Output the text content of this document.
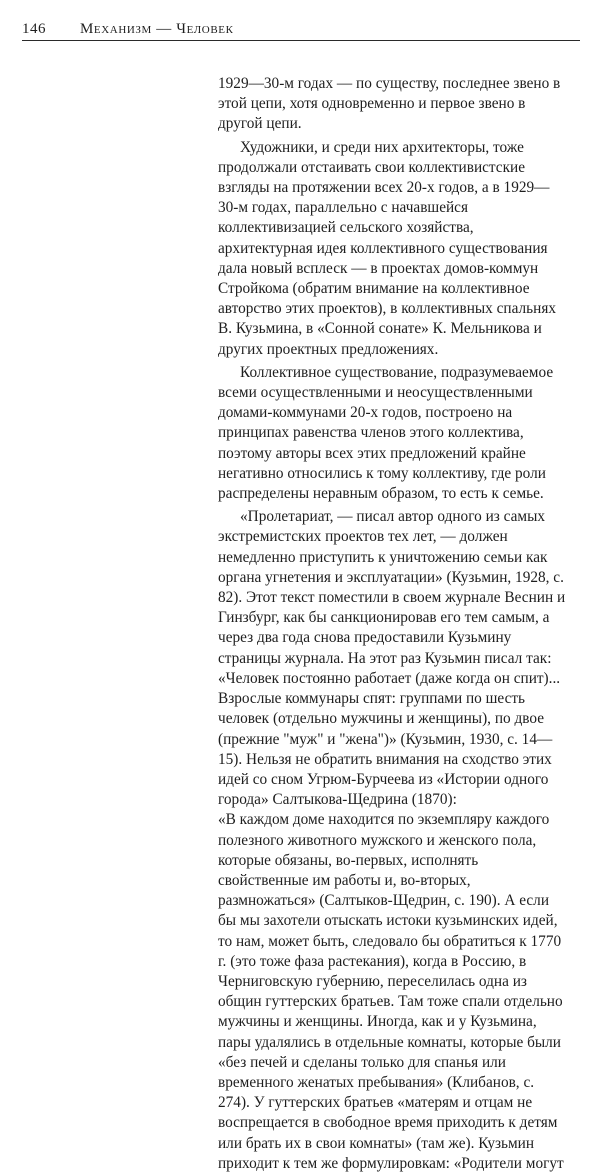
146 Механизм — Человек

1929—30-м годах — по существу, последнее звено в этой цепи, хотя одновременно и первое звено в другой цепи.

Художники, и среди них архитекторы, тоже продолжали отстаивать свои коллективистские взгляды на протяжении всех 20-х годов, а в 1929—30-м годах, параллельно с начавшейся коллективизацией сельского хозяйства, архитектурная идея коллективного существования дала новый всплеск — в проектах домов-коммун Стройкома (обратим внимание на коллективное авторство этих проектов), в коллективных спальнях В. Кузьмина, в «Сонной сонате» К. Мельникова и других проектных предложениях.

Коллективное существование, подразумеваемое всеми осуществленными и неосуществленными домами-коммунами 20-х годов, построено на принципах равенства членов этого коллектива, поэтому авторы всех этих предложений крайне негативно относились к тому коллективу, где роли распределены неравным образом, то есть к семье.

«Пролетариат, — писал автор одного из самых экстремистских проектов тех лет, — должен немедленно приступить к уничтожению семьи как органа угнетения и эксплуатации» (Кузьмин, 1928, с. 82). Этот текст поместили в своем журнале Веснин и Гинзбург, как бы санкционировав его тем самым, а через два года снова предоставили Кузьмину страницы журнала. На этот раз Кузьмин писал так: «Человек постоянно работает (даже когда он спит)... Взрослые коммунары спят: группами по шесть человек (отдельно мужчины и женщины), по двое (прежние "муж" и "жена")» (Кузьмин, 1930, с. 14—15). Нельзя не обратить внимания на сходство этих идей со сном Угрюм-Бурчеева из «Истории одного города» Салтыкова-Щедрина (1870):

«В каждом доме находится по экземпляру каждого полезного животного мужского и женского пола, которые обязаны, во-первых, исполнять свойственные им работы и, во-вторых, размножаться» (Салтыков-Щедрин, с. 190). А если бы мы захотели отыскать истоки кузьминских идей, то нам, может быть, следовало бы обратиться к 1770 г. (это тоже фаза растекания), когда в Россию, в Черниговскую губернию, переселилась одна из общин гуттерских братьев. Там тоже спали отдельно мужчины и женщины. Иногда, как и у Кузьмина, пары удалялись в отдельные комнаты, которые были «без печей и сделаны только для спанья или временного женатых пребывания» (Клибанов, с. 274). У гуттерских братьев «матерям и отцам не воспрещается в свободное время приходить к детям или брать их в свои комнаты» (там же). Кузьмин приходит к тем же формулировкам: «Родители могут
